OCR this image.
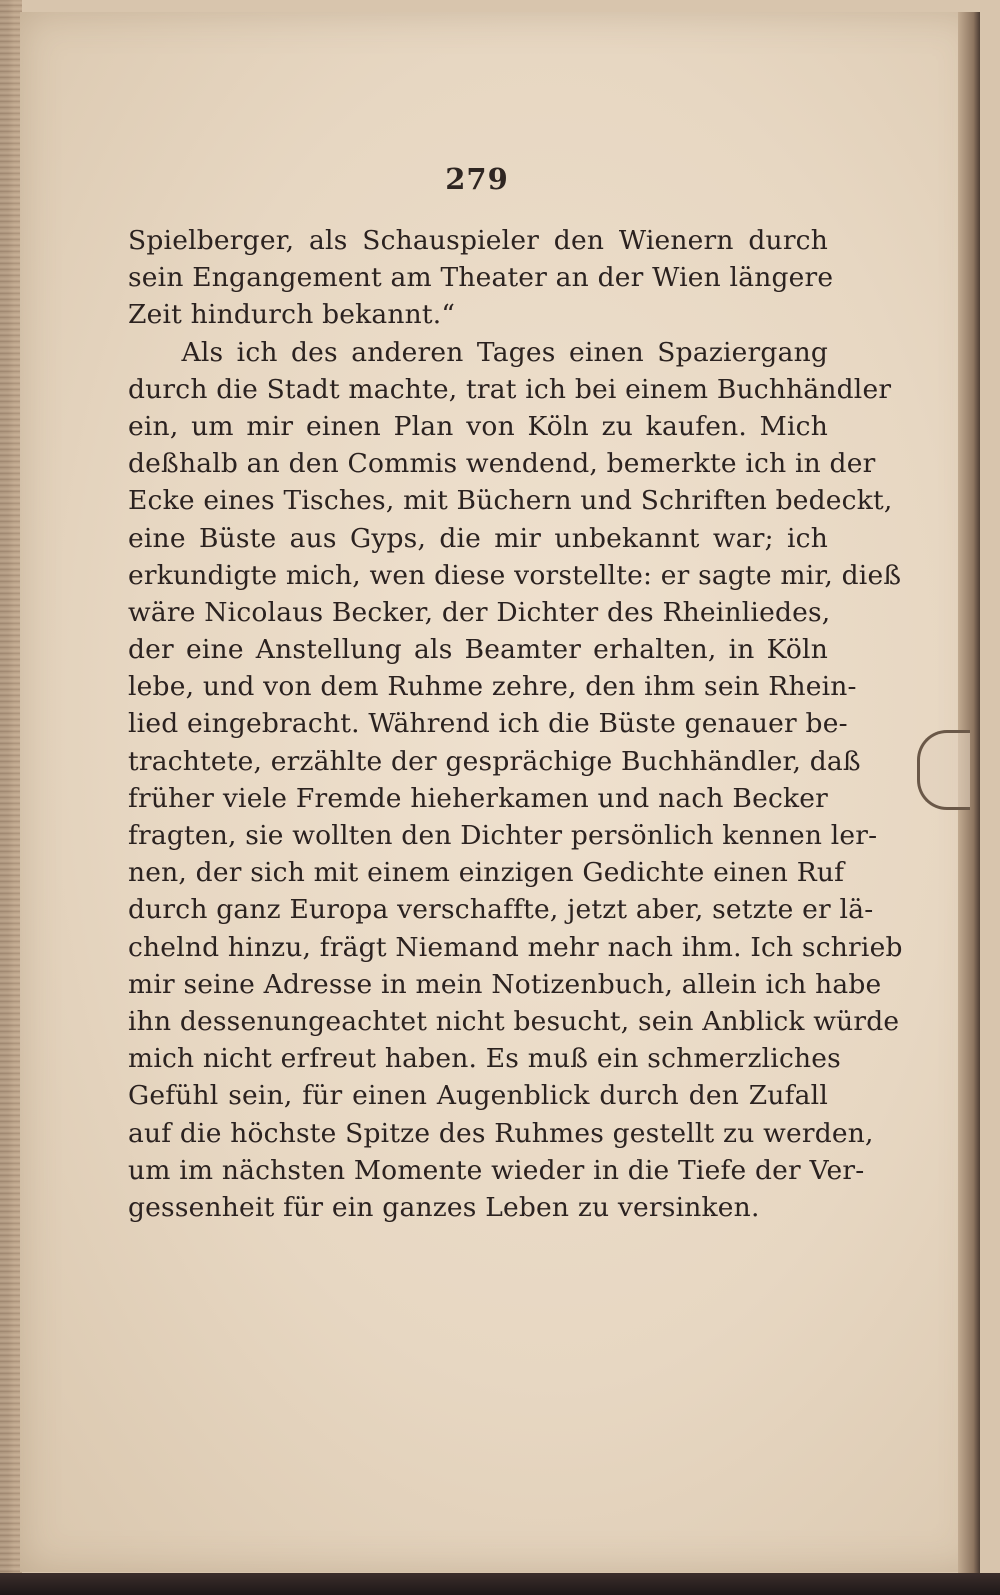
279
Spielberger, als Schauspieler den Wienern durch
sein Engangement am Theater an der Wien längere
Zeit hindurch bekannt.“
Als ich des anderen Tages einen Spaziergang
durch die Stadt machte, trat ich bei einem Buchhändler
ein, um mir einen Plan von Köln zu kaufen. Mich
deßhalb an den Commis wendend, bemerkte ich in der
Ecke eines Tisches, mit Büchern und Schriften bedeckt,
eine Büste aus Gyps, die mir unbekannt war; ich
erkundigte mich, wen diese vorstellte: er sagte mir, dieß
wäre Nicolaus Becker, der Dichter des Rheinliedes,
der eine Anstellung als Beamter erhalten, in Köln
lebe, und von dem Ruhme zehre, den ihm sein Rhein-
lied eingebracht. Während ich die Büste genauer be-
trachtete, erzählte der gesprächige Buchhändler, daß
früher viele Fremde hieherkamen und nach Becker
fragten, sie wollten den Dichter persönlich kennen ler-
nen, der sich mit einem einzigen Gedichte einen Ruf
durch ganz Europa verschaffte, jetzt aber, setzte er lä-
chelnd hinzu, frägt Niemand mehr nach ihm. Ich schrieb
mir seine Adresse in mein Notizenbuch, allein ich habe
ihn dessenungeachtet nicht besucht, sein Anblick würde
mich nicht erfreut haben. Es muß ein schmerzliches
Gefühl sein, für einen Augenblick durch den Zufall
auf die höchste Spitze des Ruhmes gestellt zu werden,
um im nächsten Momente wieder in die Tiefe der Ver-
gessenheit für ein ganzes Leben zu versinken.
